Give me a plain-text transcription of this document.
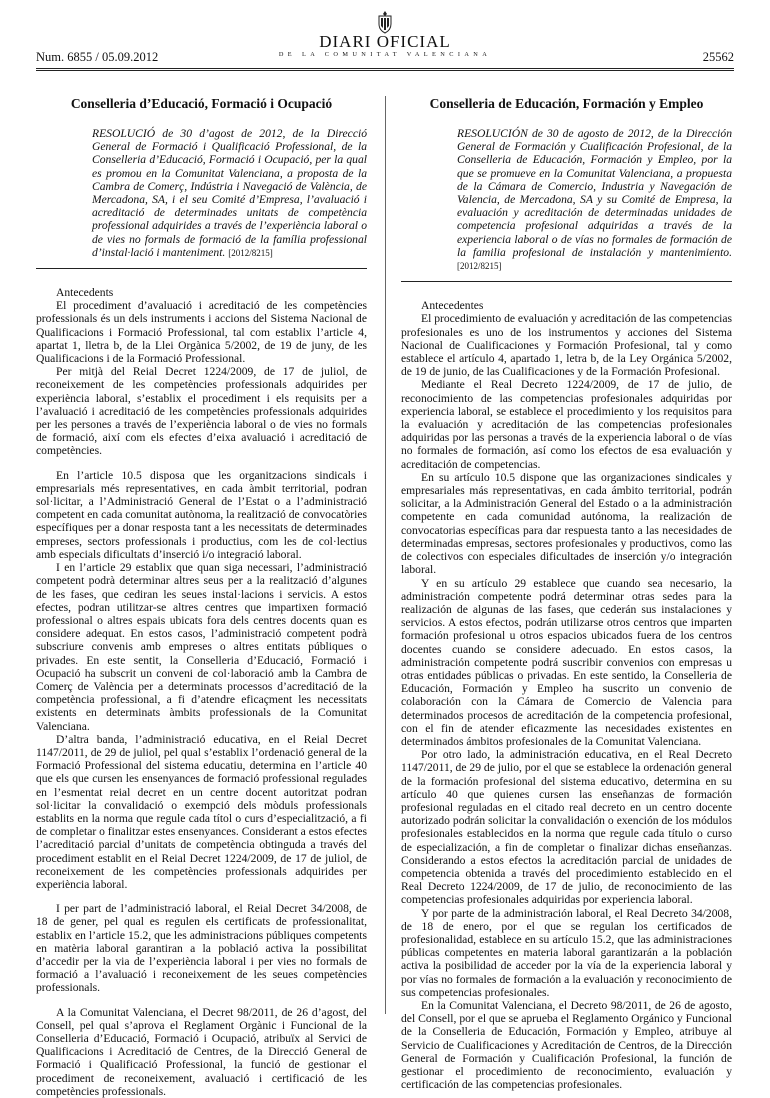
Num. 6855 / 05.09.2012
DIARI OFICIAL
DE LA COMUNITAT VALENCIANA	25562
Conselleria d’Educació, Formació i Ocupació
RESOLUCIÓ de 30 d’agost de 2012, de la Direcció General de Formació i Qualificació Professional, de la Conselleria d’Educació, Formació i Ocupació, per la qual es promou en la Comunitat Valenciana, a proposta de la Cambra de Comerç, Indústria i Navegació de València, de Mercadona, SA, i el seu Comité d’Empresa, l’avaluació i acreditació de determinades unitats de competència professional adquirides a través de l’experiència laboral o de vies no formals de formació de la família professional d’instal·lació i manteniment. [2012/8215]

Antecedents

El procediment d’avaluació i acreditació de les competències professionals és un dels instruments i accions del Sistema Nacional de Qualificacions i Formació Professional, tal com establix l’article 4, apartat 1, lletra b, de la Llei Orgànica 5/2002, de 19 de juny, de les Qualificacions i de la Formació Professional.

Per mitjà del Reial Decret 1224/2009, de 17 de juliol, de reconeixement de les competències professionals adquirides per experiència laboral, s’establix el procediment i els requisits per a l’avaluació i acreditació de les competències professionals adquirides per les persones a través de l’experiència laboral o de vies no formals de formació, així com els efectes d’eixa avaluació i acreditació de competències.

En l’article 10.5 disposa que les organitzacions sindicals i empresarials més representatives, en cada àmbit territorial, podran sol·licitar, a l’Administració General de l’Estat o a l’administració competent en cada comunitat autònoma, la realització de convocatòries específiques per a donar resposta tant a les necessitats de determinades empreses, sectors professionals i productius, com les de col·lectius amb especials dificultats d’inserció i/o integració laboral.

I en l’article 29 establix que quan siga necessari, l’administració competent podrà determinar altres seus per a la realització d’algunes de les fases, que cediran les seues instal·lacions i servicis. A estos efectes, podran utilitzar-se altres centres que impartixen formació professional o altres espais ubicats fora dels centres docents quan es considere adequat. En estos casos, l’administració competent podrà subscriure convenis amb empreses o altres entitats públiques o privades. En este sentit, la Conselleria d’Educació, Formació i Ocupació ha subscrit un conveni de col·laboració amb la Cambra de Comerç de València per a determinats processos d’acreditació de la competència professional, a fi d’atendre eficaçment les necessitats existents en determinats àmbits professionals de la Comunitat Valenciana.

D’altra banda, l’administració educativa, en el Reial Decret 1147/2011, de 29 de juliol, pel qual s’establix l’ordenació general de la Formació Professional del sistema educatiu, determina en l’article 40 que els que cursen les ensenyances de formació professional regulades en l’esmentat reial decret en un centre docent autoritzat podran sol·licitar la convalidació o exempció dels mòduls professionals establits en la norma que regule cada títol o curs d’especialització, a fi de completar o finalitzar estes ensenyances. Considerant a estos efectes l’acreditació parcial d’unitats de competència obtinguda a través del procediment establit en el Reial Decret 1224/2009, de 17 de juliol, de reconeixement de les competències professionals adquirides per experiència laboral.

I per part de l’administració laboral, el Reial Decret 34/2008, de 18 de gener, pel qual es regulen els certificats de professionalitat, establix en l’article 15.2, que les administracions públiques competents en matèria laboral garantiran a la població activa la possibilitat d’accedir per la via de l’experiència laboral i per vies no formals de formació a l’avaluació i reconeixement de les seues competències professionals.

A la Comunitat Valenciana, el Decret 98/2011, de 26 d’agost, del Consell, pel qual s’aprova el Reglament Orgànic i Funcional de la Conselleria d’Educació, Formació i Ocupació, atribuïx al Servici de Qualificacions i Acreditació de Centres, de la Direcció General de Formació i Qualificació Professional, la funció de gestionar el procediment de reconeixement, avaluació i certificació de les competències professionals.

Conselleria de Educación, Formación y Empleo
RESOLUCIÓN de 30 de agosto de 2012, de la Dirección General de Formación y Cualificación Profesional, de la Conselleria de Educación, Formación y Empleo, por la que se promueve en la Comunitat Valenciana, a propuesta de la Cámara de Comercio, Industria y Navegación de Valencia, de Mercadona, SA y su Comité de Empresa, la evaluación y acreditación de determinadas unidades de competencia profesional adquiridas a través de la experiencia laboral o de vías no formales de formación de la familia profesional de instalación y mantenimiento. [2012/8215]

Antecedentes

El procedimiento de evaluación y acreditación de las competencias profesionales es uno de los instrumentos y acciones del Sistema Nacional de Cualificaciones y Formación Profesional, tal y como establece el artículo 4, apartado 1, letra b, de la Ley Orgánica 5/2002, de 19 de junio, de las Cualificaciones y de la Formación Profesional.

Mediante el Real Decreto 1224/2009, de 17 de julio, de reconocimiento de las competencias profesionales adquiridas por experiencia laboral, se establece el procedimiento y los requisitos para la evaluación y acreditación de las competencias profesionales adquiridas por las personas a través de la experiencia laboral o de vías no formales de formación, así como los efectos de esa evaluación y acreditación de competencias.

En su artículo 10.5 dispone que las organizaciones sindicales y empresariales más representativas, en cada ámbito territorial, podrán solicitar, a la Administración General del Estado o a la administración competente en cada comunidad autónoma, la realización de convocatorias específicas para dar respuesta tanto a las necesidades de determinadas empresas, sectores profesionales y productivos, como las de colectivos con especiales dificultades de inserción y/o integración laboral.

Y en su artículo 29 establece que cuando sea necesario, la administración competente podrá determinar otras sedes para la realización de algunas de las fases, que cederán sus instalaciones y servicios. A estos efectos, podrán utilizarse otros centros que imparten formación profesional u otros espacios ubicados fuera de los centros docentes cuando se considere adecuado. En estos casos, la administración competente podrá suscribir convenios con empresas u otras entidades públicas o privadas. En este sentido, la Conselleria de Educación, Formación y Empleo ha suscrito un convenio de colaboración con la Cámara de Comercio de Valencia para determinados procesos de acreditación de la competencia profesional, con el fin de atender eficazmente las necesidades existentes en determinados ámbitos profesionales de la Comunitat Valenciana.

Por otro lado, la administración educativa, en el Real Decreto 1147/2011, de 29 de julio, por el que se establece la ordenación general de la formación profesional del sistema educativo, determina en su artículo 40 que quienes cursen las enseñanzas de formación profesional reguladas en el citado real decreto en un centro docente autorizado podrán solicitar la convalidación o exención de los módulos profesionales establecidos en la norma que regule cada título o curso de especialización, a fin de completar o finalizar dichas enseñanzas. Considerando a estos efectos la acreditación parcial de unidades de competencia obtenida a través del procedimiento establecido en el Real Decreto 1224/2009, de 17 de julio, de reconocimiento de las competencias profesionales adquiridas por experiencia laboral.

Y por parte de la administración laboral, el Real Decreto 34/2008, de 18 de enero, por el que se regulan los certificados de profesionalidad, establece en su artículo 15.2, que las administraciones públicas competentes en materia laboral garantizarán a la población activa la posibilidad de acceder por la vía de la experiencia laboral y por vías no formales de formación a la evaluación y reconocimiento de sus competencias profesionales.

En la Comunitat Valenciana, el Decreto 98/2011, de 26 de agosto, del Consell, por el que se aprueba el Reglamento Orgánico y Funcional de la Conselleria de Educación, Formación y Empleo, atribuye al Servicio de Cualificaciones y Acreditación de Centros, de la Dirección General de Formación y Cualificación Profesional, la función de gestionar el procedimiento de reconocimiento, evaluación y certificación de las competencias profesionales.
